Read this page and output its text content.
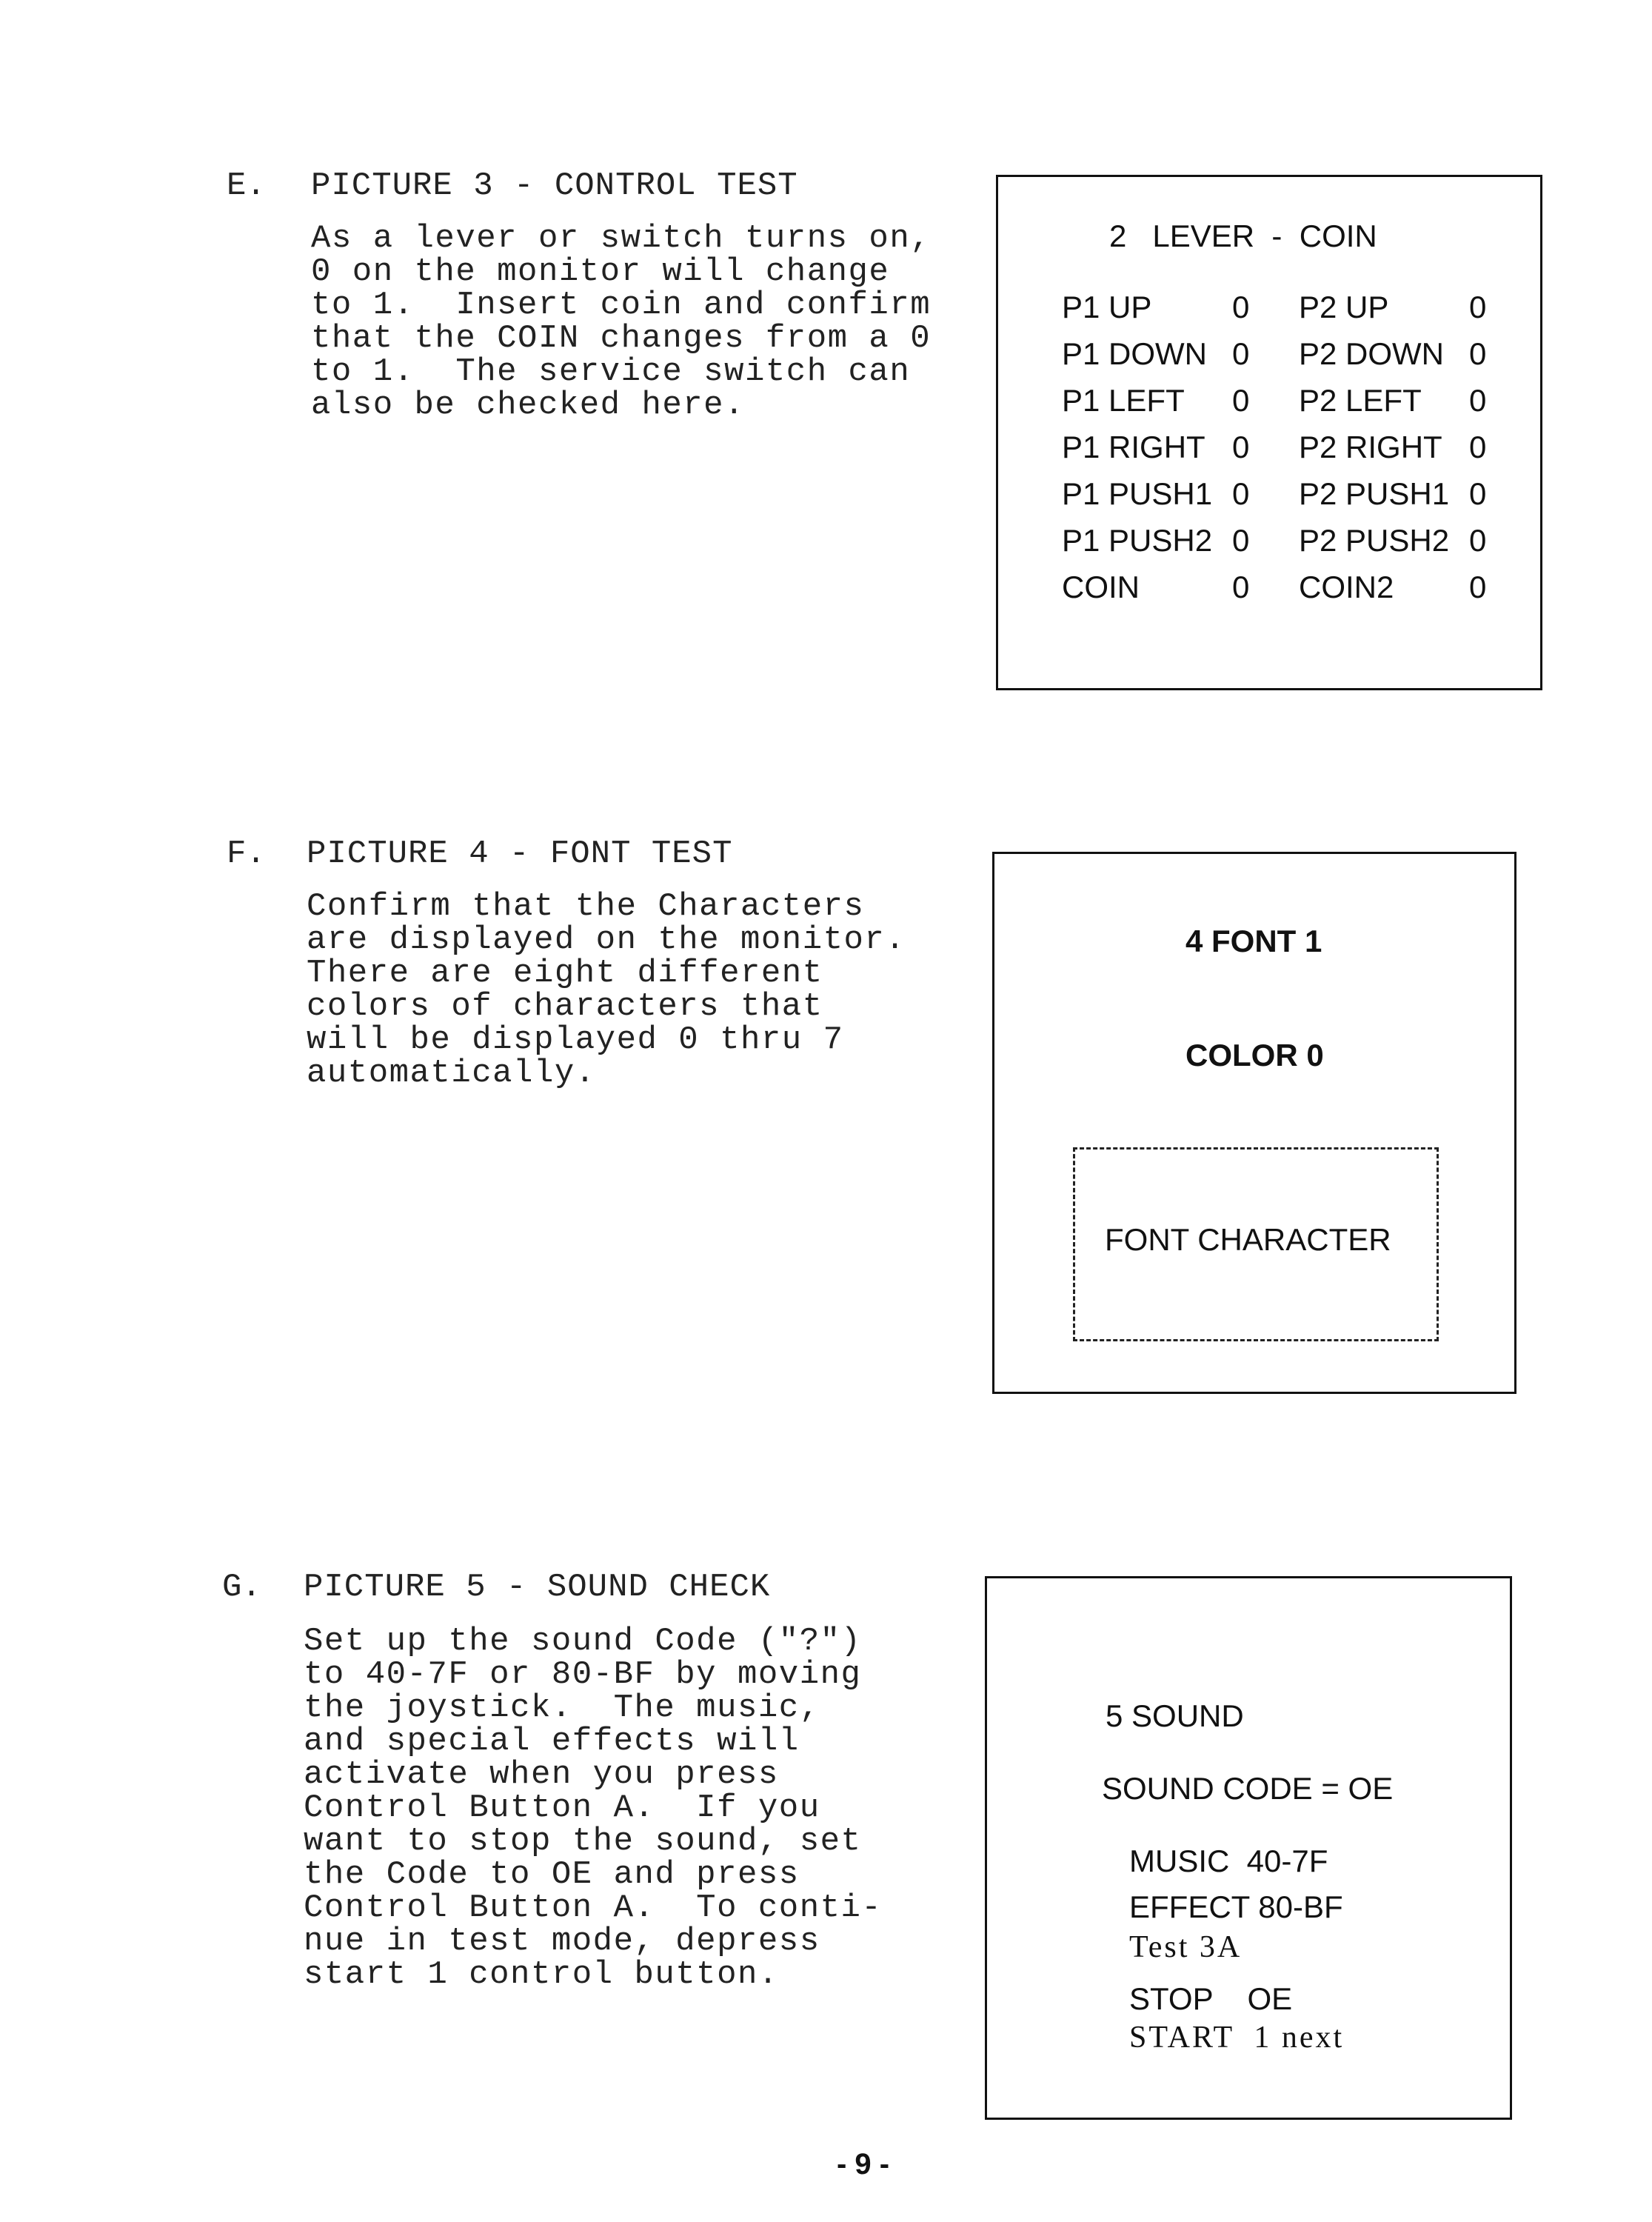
E. PICTURE 3 - CONTROL TEST
As a lever or switch turns on,
0 on the monitor will change
to 1.  Insert coin and confirm
that the COIN changes from a 0
to 1.  The service switch can
also be checked here.
2   LEVER  -  COIN
P1 UP	0 P2 UP	0
P1 DOWN 0 P2 DOWN 0
P1 LEFT 0 P2 LEFT 0
P1 RIGHT 0 P2 RIGHT 0
P1 PUSH1 0 P2 PUSH1 0
P1 PUSH2 0 P2 PUSH2 0
COIN	0 COIN2 0
F. PICTURE 4 - FONT TEST
Confirm that the Characters
are displayed on the monitor.
There are eight different
colors of characters that
will be displayed 0 thru 7
automatically.
4 FONT 1
COLOR 0
FONT CHARACTER
G. PICTURE 5 - SOUND CHECK
Set up the sound Code ("?")
to 40-7F or 80-BF by moving
the joystick.  The music,
and special effects will
activate when you press
Control Button A.  If you
want to stop the sound, set
the Code to OE and press
Control Button A.  To conti-
nue in test mode, depress
start 1 control button.
5 SOUND
SOUND CODE = OE
MUSIC  40-7F
EFFECT 80-BF
Test 3A
STOP    OE
START  1 next
- 9 -
